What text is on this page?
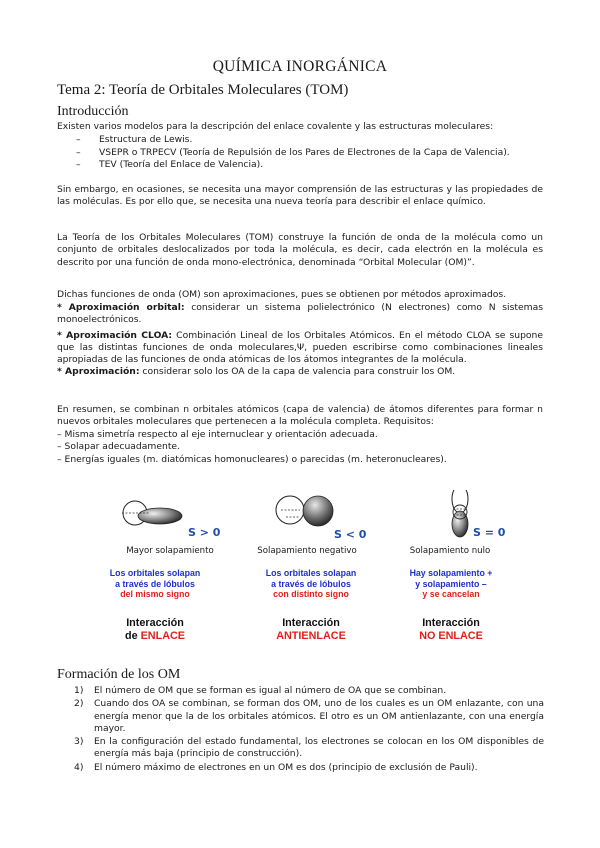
QUÍMICA INORGÁNICA
Tema 2: Teoría de Orbitales Moleculares (TOM)
Introducción
Existen varios modelos para la descripción del enlace covalente y las estructuras moleculares:
– Estructura de Lewis.
– VSEPR o TRPECV (Teoría de Repulsión de los Pares de Electrones de la Capa de Valencia).
– TEV (Teoría del Enlace de Valencia).
Sin embargo, en ocasiones, se necesita una mayor comprensión de las estructuras y las propiedades de las moléculas. Es por ello que, se necesita una nueva teoría para describir el enlace químico.
La Teoría de los Orbitales Moleculares (TOM) construye la función de onda de la molécula como un conjunto de orbitales deslocalizados por toda la molécula, es decir, cada electrón en la molécula es descrito por una función de onda mono-electrónica, denominada “Orbital Molecular (OM)”.
Dichas funciones de onda (OM) son aproximaciones, pues se obtienen por métodos aproximados.
* Aproximación orbital: considerar un sistema polielectrónico (N electrones) como N sistemas monoelectrónicos.
* Aproximación CLOA: Combinación Lineal de los Orbitales Atómicos. En el método CLOA se supone que las distintas funciones de onda moleculares,Ψ, pueden escribirse como combinaciones lineales apropiadas de las funciones de onda atómicas de los átomos integrantes de la molécula.
* Aproximación: considerar solo los OA de la capa de valencia para construir los OM.
En resumen, se combinan n orbitales atómicos (capa de valencia) de átomos diferentes para formar n nuevos orbitales moleculares que pertenecen a la molécula completa. Requisitos:
– Misma simetría respecto al eje internuclear y orientación adecuada.
– Solapar adecuadamente.
– Energías iguales (m. diatómicas homonucleares) o parecidas (m. heteronucleares).
S > 0	S < 0	S = 0
Mayor solapamiento	Solapamiento negativo	Solapamiento nulo
Los orbitales solapan
a través de lóbulos
del mismo signo
Los orbitales solapan
a través de lóbulos
con distinto signo
Hay solapamiento +
y solapamiento –
y se cancelan
Interacción
de ENLACE
Interacción
ANTIENLACE
Interacción
NO ENLACE
Formación de los OM
1) El número de OM que se forman es igual al número de OA que se combinan.
2) Cuando dos OA se combinan, se forman dos OM, uno de los cuales es un OM enlazante, con una energía menor que la de los orbitales atómicos. El otro es un OM antienlazante, con una energía mayor.
3) En la configuración del estado fundamental, los electrones se colocan en los OM disponibles de energía más baja (principio de construcción).
4) El número máximo de electrones en un OM es dos (principio de exclusión de Pauli).
